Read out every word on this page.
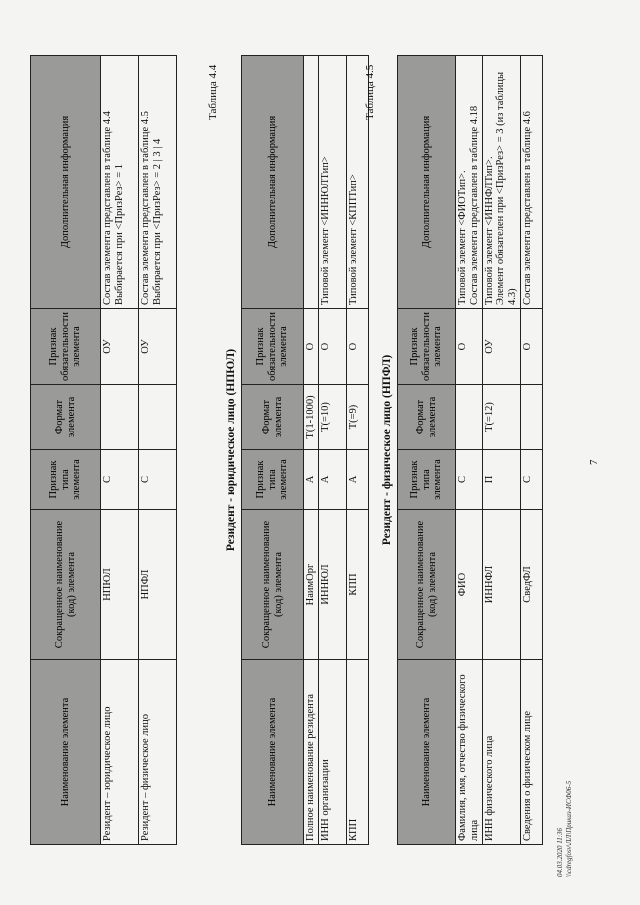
7
Наименование элемента	Сокращенное наименование (код) элемента	Признак типа элемента	Формат элемента	Признак обязательности элемента	Дополнительная информация
Резидент – юридическое лицо	НПЮЛ	С		ОУ	Состав элемента представлен в таблице 4.4 Выбирается при <ПризРез> = 1

Резидент – физическое лицо	НПФЛ	С		ОУ	Состав элемента представлен в таблице 4.5 Выбирается при <ПризРез> = 2 | 3 | 4
Таблица 4.4
Резидент - юридическое лицо (НПЮЛ)
Наименование элемента	Сокращенное наименование (код) элемента	Признак типа элемента	Формат элемента	Признак обязательности элемента	Дополнительная информация
Полное наименование резидента	НаимОрг	А	T(1-1000)	О	
ИНН организации	ИННЮЛ	А	T(=10)	О	Типовой элемент <ИННЮЛТип>
КПП	КПП	А	T(=9)	О	Типовой элемент <КППТип>
Таблица 4.5
Резидент - физическое лицо (НПФЛ)
Наименование элемента	Сокращенное наименование (код) элемента	Признак типа элемента	Формат элемента	Признак обязательности элемента	Дополнительная информация
Фамилия, имя, отчество физического лица	ФИО	С		О	Типовой элемент <ФИОТип>. Состав элемента представлен в таблице 4.18

ИНН физического лица	ИННФЛ	П	T(=12)	ОУ	Типовой элемент <ИННФЛТип>. Элемент обязателен при <ПризРез> = 3 (из таблицы 4.3)

Сведения о физическом лице	СведФЛ	С		О	Состав элемента представлен в таблице 4.6
04.03.2020 11:36 \\cdregfosv\ЛЛ\Приказ-ИСФ06-5
